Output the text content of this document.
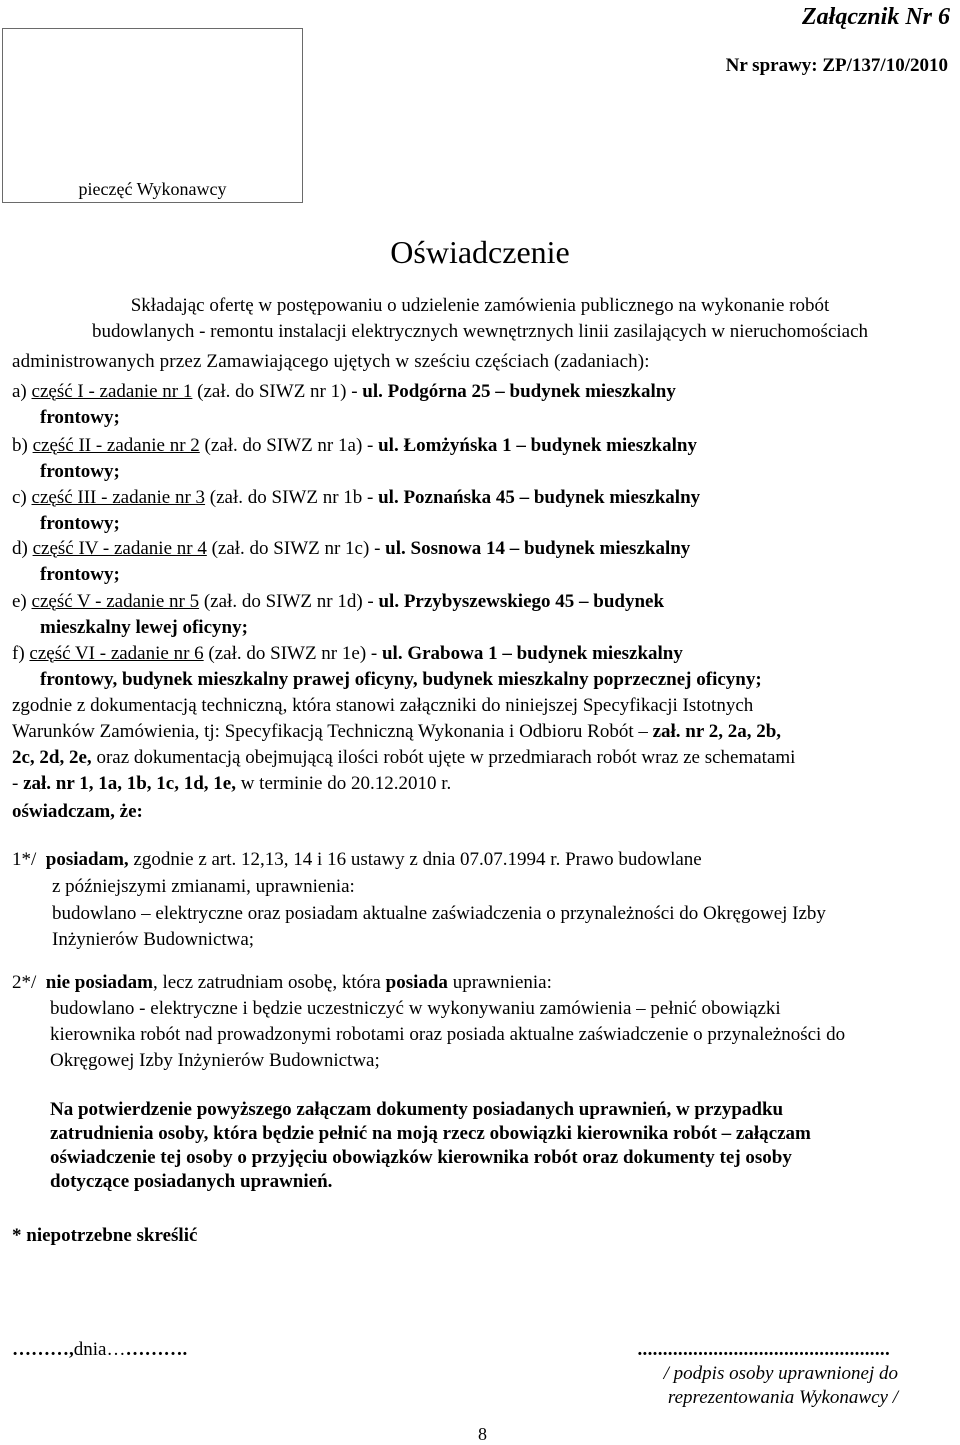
pieczęć Wykonawcy
Załącznik Nr 6
Nr sprawy: ZP/137/10/2010
Oświadczenie
Składając ofertę w postępowaniu o udzielenie zamówienia publicznego na wykonanie robót
budowlanych - remontu instalacji elektrycznych wewnętrznych linii zasilających w nieruchomościach
administrowanych przez Zamawiającego ujętych w sześciu częściach (zadaniach):
a) część I - zadanie nr 1 (zał. do SIWZ nr 1) - ul. Podgórna 25 – budynek mieszkalny
frontowy;
b) część II - zadanie nr 2 (zał. do SIWZ nr 1a) - ul. Łomżyńska 1 – budynek mieszkalny
frontowy;
c) część III - zadanie nr 3 (zał. do SIWZ nr 1b - ul. Poznańska 45 – budynek mieszkalny
frontowy;
d) część IV - zadanie nr 4 (zał. do SIWZ nr 1c) - ul. Sosnowa 14 – budynek mieszkalny
frontowy;
e) część V - zadanie nr 5 (zał. do SIWZ nr 1d) - ul. Przybyszewskiego 45 – budynek
mieszkalny lewej oficyny;
f) część VI - zadanie nr 6 (zał. do SIWZ nr 1e) - ul. Grabowa 1 – budynek mieszkalny
frontowy, budynek mieszkalny prawej oficyny, budynek mieszkalny poprzecznej oficyny;
zgodnie z dokumentacją techniczną, która stanowi załączniki do niniejszej Specyfikacji Istotnych
Warunków Zamówienia, tj: Specyfikacją Techniczną Wykonania i Odbioru Robót – zał. nr 2, 2a, 2b,
2c, 2d, 2e, oraz dokumentacją obejmującą ilości robót ujęte w przedmiarach robót wraz ze schematami
- zał. nr 1, 1a, 1b, 1c, 1d, 1e, w terminie do 20.12.2010 r.
oświadczam, że:
1*/ posiadam, zgodnie z art. 12,13, 14 i 16 ustawy z dnia 07.07.1994 r. Prawo budowlane
z późniejszymi zmianami, uprawnienia:
budowlano – elektryczne oraz posiadam aktualne zaświadczenia o przynależności do Okręgowej Izby
Inżynierów Budownictwa;
2*/ nie posiadam, lecz zatrudniam osobę, która posiada uprawnienia:
budowlano - elektryczne i będzie uczestniczyć w wykonywaniu zamówienia – pełnić obowiązki
kierownika robót nad prowadzonymi robotami oraz posiada aktualne zaświadczenie o przynależności do
Okręgowej Izby Inżynierów Budownictwa;
Na potwierdzenie powyższego załączam dokumenty posiadanych uprawnień, w przypadku
zatrudnienia osoby, która będzie pełnić na moją rzecz obowiązki kierownika robót – załączam
oświadczenie tej osoby o przyjęciu obowiązków kierownika robót oraz dokumenty tej osoby
dotyczące posiadanych uprawnień.
* niepotrzebne skreślić
………,dnia………….	..................................................
/ podpis osoby uprawnionej do
reprezentowania Wykonawcy /
8
